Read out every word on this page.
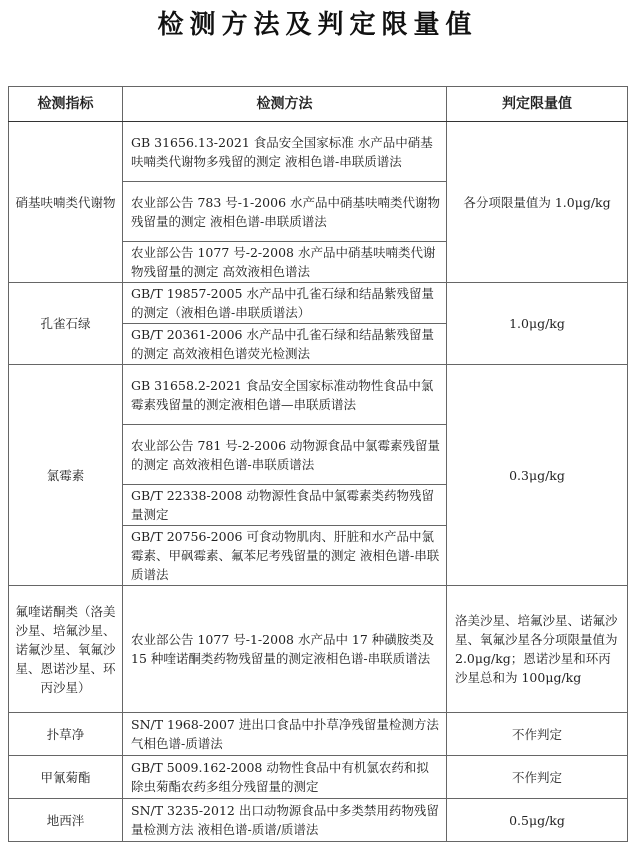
检测方法及判定限量值
检测指标	检测方法	判定限量值
硝基呋喃类代谢物	GB 31656.13-2021 食品安全国家标准 水产品中硝基呋喃类代谢物多残留的测定 液相色谱-串联质谱法	各分项限量值为 1.0μg/kg
	农业部公告 783 号-1-2006 水产品中硝基呋喃类代谢物残留量的测定 液相色谱-串联质谱法	
	农业部公告 1077 号-2-2008 水产品中硝基呋喃类代谢物残留量的测定 高效液相色谱法	
孔雀石绿	GB/T 19857-2005 水产品中孔雀石绿和结晶紫残留量的测定（液相色谱-串联质谱法）	1.0μg/kg
	GB/T 20361-2006 水产品中孔雀石绿和结晶紫残留量的测定 高效液相色谱荧光检测法	
氯霉素	GB 31658.2-2021 食品安全国家标准动物性食品中氯霉素残留量的测定液相色谱—串联质谱法	0.3μg/kg
	农业部公告 781 号-2-2006 动物源食品中氯霉素残留量的测定 高效液相色谱-串联质谱法	
	GB/T 22338-2008 动物源性食品中氯霉素类药物残留量测定	
	GB/T 20756-2006 可食动物肌肉、肝脏和水产品中氯霉素、甲砜霉素、氟苯尼考残留量的测定 液相色谱-串联质谱法	
氟喹诺酮类（洛美沙星、培氟沙星、诺氟沙星、氧氟沙星、恩诺沙星、环丙沙星）	农业部公告 1077 号-1-2008 水产品中 17 种磺胺类及 15 种喹诺酮类药物残留量的测定液相色谱-串联质谱法	洛美沙星、培氟沙星、诺氟沙星、氧氟沙星各分项限量值为 2.0μg/kg；恩诺沙星和环丙沙星总和为 100μg/kg
扑草净	SN/T 1968-2007 进出口食品中扑草净残留量检测方法气相色谱-质谱法	不作判定
甲氰菊酯	GB/T 5009.162-2008 动物性食品中有机氯农药和拟除虫菊酯农药多组分残留量的测定	不作判定
地西泮	SN/T 3235-2012 出口动物源食品中多类禁用药物残留量检测方法 液相色谱-质谱/质谱法	0.5μg/kg
